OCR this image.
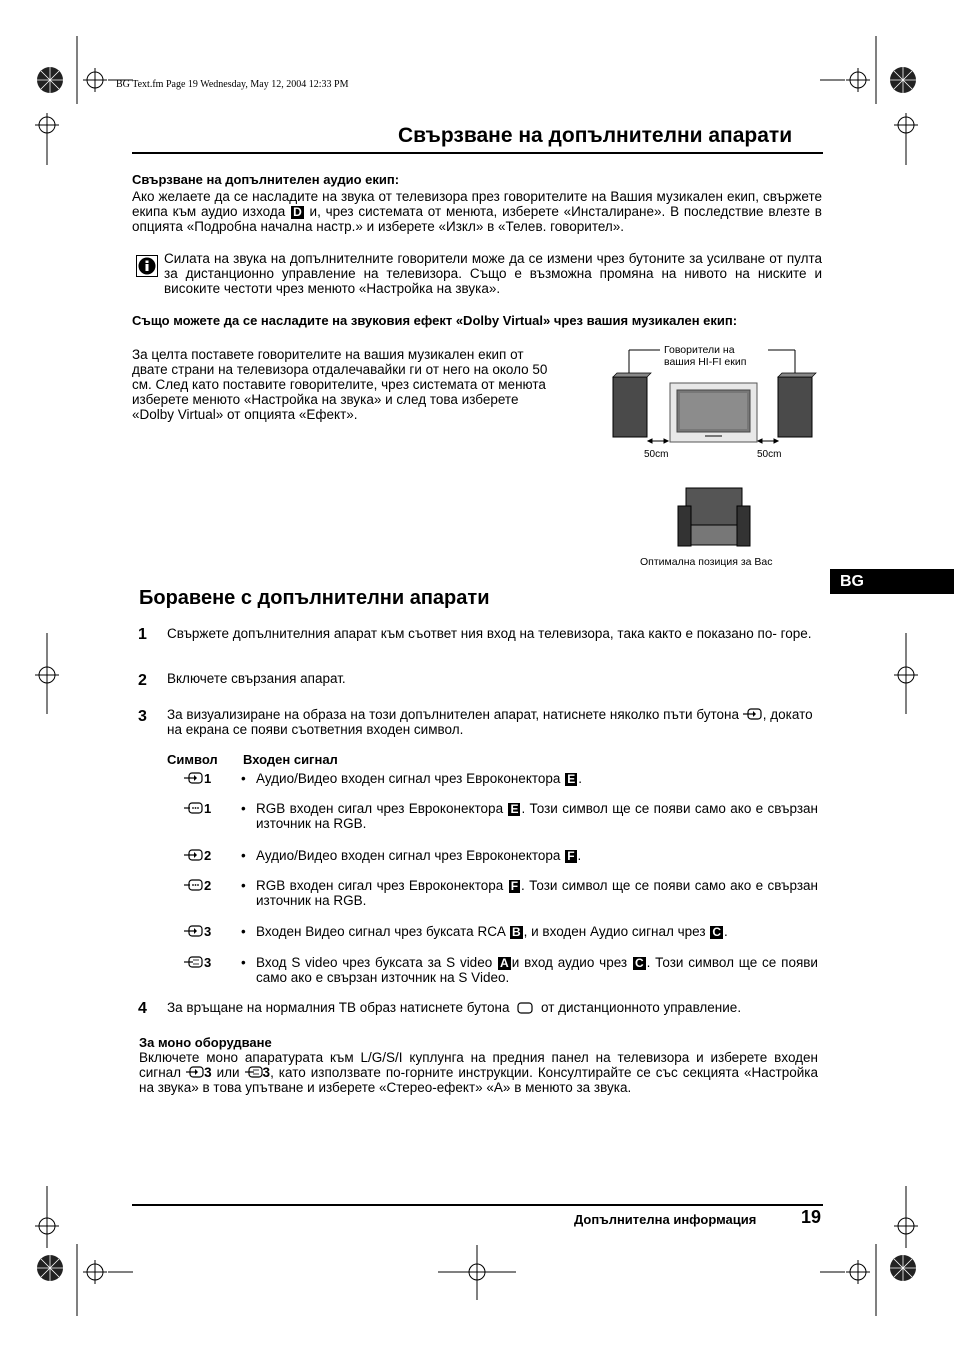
BG Text.fm Page 19 Wednesday, May 12, 2004 12:33 PM
Свързване на допълнителни апарати
Свързване на допълнителен аудио екип:
Ако желаете да се насладите на звука от телевизора през говорителите на Вашия музикален екип, свържете екипа към аудио изхода D и, чрез системата от менюта, изберете «Инсталиране». В последствие влезте в опцията «Подробна начална настр.» и изберете «Изкл» в «Телев. говорител».
Силата на звука на допълнителните говорители може да се измени чрез бутоните за усилване от пулта за дистанционно управление на телевизора. Също е възможна промяна на нивото на ниските и високите честоти чрез менюто «Настройка на звука».
Също можете да се насладите на звуковия ефект «Dolby Virtual» чрез вашия музикален екип:
За целта поставете говорителите на вашия музикален екип от двате страни на телевизора отдалечавайки ги от него на около 50 см. След като поставите говорителите, чрез системата от менюта изберете менюто «Настройка на звука» и след това изберете «Dolby Virtual» от опцията «Ефект».
Говорители на
вашия HI-FI екип
50cm	50cm
Оптимална позиция за Вас
BG
Боравене с допълнителни апарати
1 Свържете допълнителния апарат към съответ ния вход на телевизора, така както е показано по- горе.
2 Включете свързания апарат.
3 За визуализиране на образа на този допълнителен апарат, натиснете няколко пъти бутона , докато на екрана се появи съответния входен символ.
Символ Входен сигнал
1 • Аудио/Видео входен сигнал чрез Евроконектора E .
1 • RGB входен сигал чрез Евроконектора E . Този символ ще се появи само ако е свързан източник на RGB.
2 • Аудио/Видео входен сигнал чрез Евроконектора F .
2 • RGB входен сигал чрез Евроконектора F . Този символ ще се появи само ако е свързан източник на RGB.
3 • Входен Видео сигнал чрез буксата RCA B , и входен Аудио сигнал чрез C .
3 • Вход S video чрез буксата за S video A и вход аудио чрез C . Този символ ще се появи само ако е свързан източник на S Video.
4 За връщане на нормалния ТВ образ натиснете бутона от дистанционното управление.
За моно оборудване
Включете моно апаратурата към L/G/S/I куплунга на предния панел на телевизора и изберете входен сигнал 3 или 3, като използвате по-горните инструкции. Консултирайте се със секцията «Настройка на звука» в това упътване и изберете «Стерео-ефект» «A» в менюто за звука.
Допълнителна информация 19
